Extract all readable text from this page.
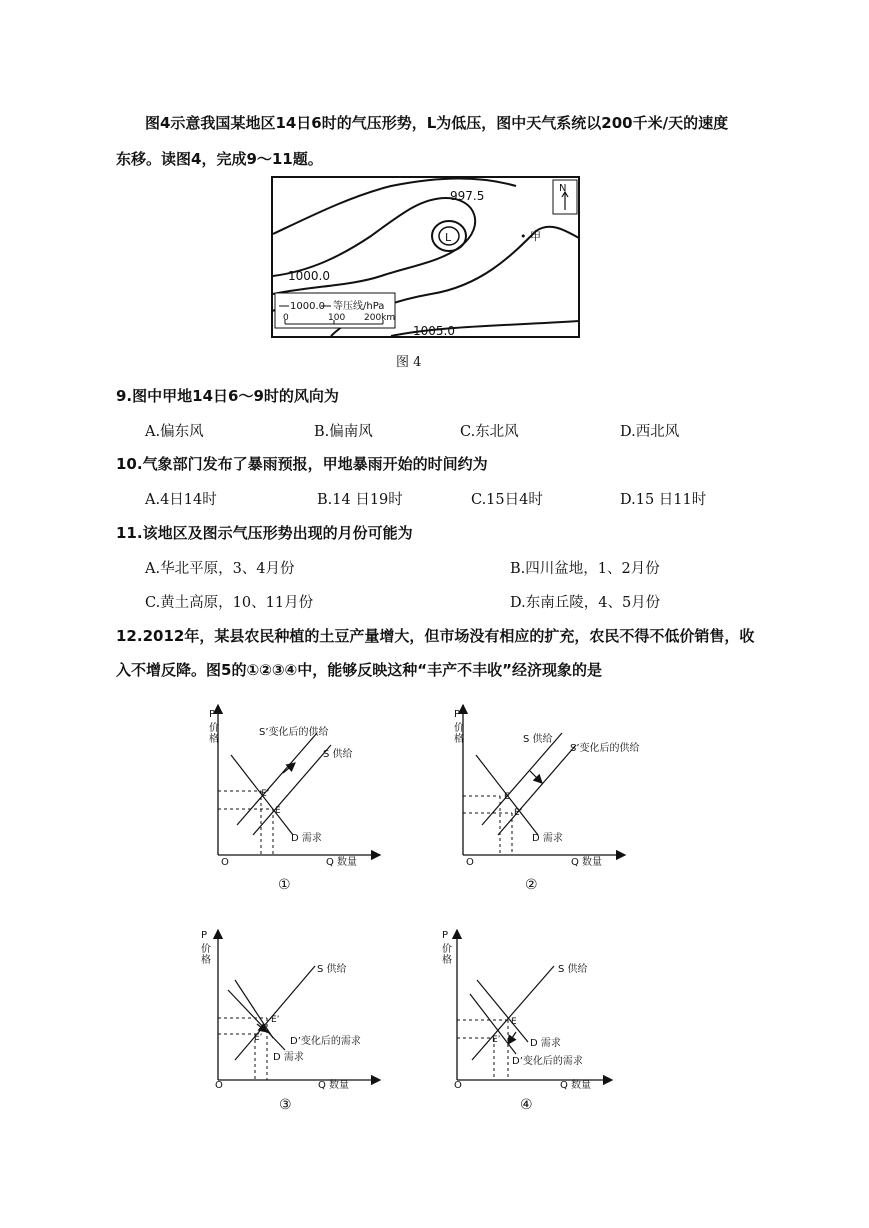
图4示意我国某地区14日6时的气压形势，L为低压，图中天气系统以200千米/天的速度
东移。读图4，完成9～11题。
L
997.5
1000.0
1005.0
• 甲
N
1000.0 等压线/hPa
0	100 200km
图 4
9.图中甲地14日6～9时的风向为
A.偏东风	B.偏南风	C.东北风	D.西北风
10.气象部门发布了暴雨预报，甲地暴雨开始的时间约为
A.4日14时	B.14 日19时	C.15日4时	D.15 日11时
11.该地区及图示气压形势出现的月份可能为
A.华北平原，3、4月份	B.四川盆地，1、2月份
C.黄土高原，10、11月份	D.东南丘陵，4、5月份
12.2012年，某县农民种植的土豆产量增大，但市场没有相应的扩充，农民不得不低价销售，收
入不增反降。图5的①②③④中，能够反映这种“丰产不丰收”经济现象的是
P
价
格
O	Q 数量
S’变化后的供给
S 供给
E’
E
D 需求
①
P
价
格
O	Q 数量
S 供给
S’变化后的供给
E
E’
D 需求
②
P
价
格
O	Q 数量
S 供给
E’
E’	D’变化后的需求
D 需求
③
P
价
格
O	Q 数量
S 供给
E
D 需求
E’
D’变化后的需求
④
